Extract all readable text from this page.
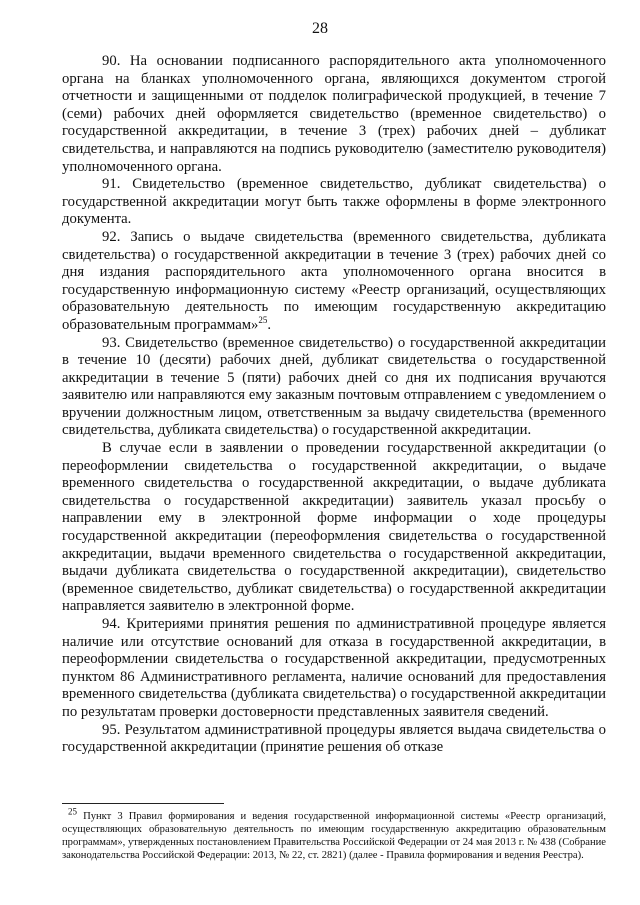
28

90. На основании подписанного распорядительного акта уполномоченного органа на бланках уполномоченного органа, являющихся документом строгой отчетности и защищенными от подделок полиграфической продукцией, в течение 7 (семи) рабочих дней оформляется свидетельство (временное свидетельство) о государственной аккредитации, в течение 3 (трех) рабочих дней – дубликат свидетельства, и направляются на подпись руководителю (заместителю руководителя) уполномоченного органа.

91. Свидетельство (временное свидетельство, дубликат свидетельства) о государственной аккредитации могут быть также оформлены в форме электронного документа.

92. Запись о выдаче свидетельства (временного свидетельства, дубликата свидетельства) о государственной аккредитации в течение 3 (трех) рабочих дней со дня издания распорядительного акта уполномоченного органа вносится в государственную информационную систему «Реестр организаций, осуществляющих образовательную деятельность по имеющим государственную аккредитацию образовательным программам»$^{25}$.

93. Свидетельство (временное свидетельство) о государственной аккредитации в течение 10 (десяти) рабочих дней, дубликат свидетельства о государственной аккредитации в течение 5 (пяти) рабочих дней со дня их подписания вручаются заявителю или направляются ему заказным почтовым отправлением с уведомлением о вручении должностным лицом, ответственным за выдачу свидетельства (временного свидетельства, дубликата свидетельства) о государственной аккредитации.

В случае если в заявлении о проведении государственной аккредитации (о переоформлении свидетельства о государственной аккредитации, о выдаче временного свидетельства о государственной аккредитации, о выдаче дубликата свидетельства о государственной аккредитации) заявитель указал просьбу о направлении ему в электронной форме информации о ходе процедуры государственной аккредитации (переоформления свидетельства о государственной аккредитации, выдачи временного свидетельства о государственной аккредитации, выдачи дубликата свидетельства о государственной аккредитации), свидетельство (временное свидетельство, дубликат свидетельства) о государственной аккредитации направляется заявителю в электронной форме.

94. Критериями принятия решения по административной процедуре является наличие или отсутствие оснований для отказа в государственной аккредитации, в переоформлении свидетельства о государственной аккредитации, предусмотренных пунктом 86 Административного регламента, наличие оснований для предоставления временного свидетельства (дубликата свидетельства) о государственной аккредитации по результатам проверки достоверности представленных заявителя сведений.

95. Результатом административной процедуры является выдача свидетельства о государственной аккредитации (принятие решения об отказе

$^{25}$ Пункт 3 Правил формирования и ведения государственной информационной системы «Реестр организаций, осуществляющих образовательную деятельность по имеющим государственную аккредитацию образовательным программам», утвержденных постановлением Правительства Российской Федерации от 24 мая 2013 г. № 438 (Собрание законодательства Российской Федерации: 2013, № 22, ст. 2821) (далее - Правила формирования и ведения Реестра).
